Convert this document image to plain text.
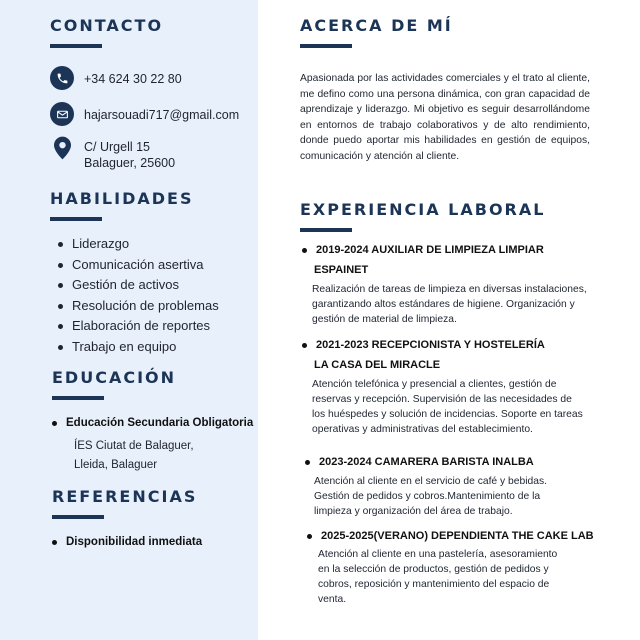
CONTACTO
+34 624 30 22 80
hajarsouadi717@gmail.com
C/ Urgell 15
Balaguer, 25600
HABILIDADES
Liderazgo
Comunicación asertiva
Gestión de activos
Resolución de problemas
Elaboración de reportes
Trabajo en equipo
EDUCACIÓN
Educación Secundaria Obligatoria
ÍES Ciutat de Balaguer,
Lleida, Balaguer
REFERENCIAS
Disponibilidad inmediata
ACERCA DE MÍ
Apasionada por las actividades comerciales y el trato al cliente, me defino como una persona dinámica, con gran capacidad de aprendizaje y liderazgo. Mi objetivo es seguir desarrollándome en entornos de trabajo colaborativos y de alto rendimiento, donde puedo aportar mis habilidades en gestión de equipos, comunicación y atención al cliente.
EXPERIENCIA LABORAL
2019-2024 AUXILIAR DE LIMPIEZA LIMPIAR
ESPAINET
Realización de tareas de limpieza en diversas instalaciones,
garantizando altos estándares de higiene. Organización y
gestión de material de limpieza.
2021-2023 RECEPCIONISTA Y HOSTELERÍA
LA CASA DEL MIRACLE
Atención telefónica y presencial a clientes, gestión de
reservas y recepción. Supervisión de las necesidades de
los huéspedes y solución de incidencias. Soporte en tareas
operativas y administrativas del establecimiento.
2023-2024 CAMARERA BARISTA INALBA
Atención al cliente en el servicio de café y bebidas.
Gestión de pedidos y cobros.Mantenimiento de la
limpieza y organización del área de trabajo.
2025-2025(VERANO) DEPENDIENTA THE CAKE LAB
Atención al cliente en una pastelería, asesoramiento
en la selección de productos, gestión de pedidos y
cobros, reposición y mantenimiento del espacio de
venta.
